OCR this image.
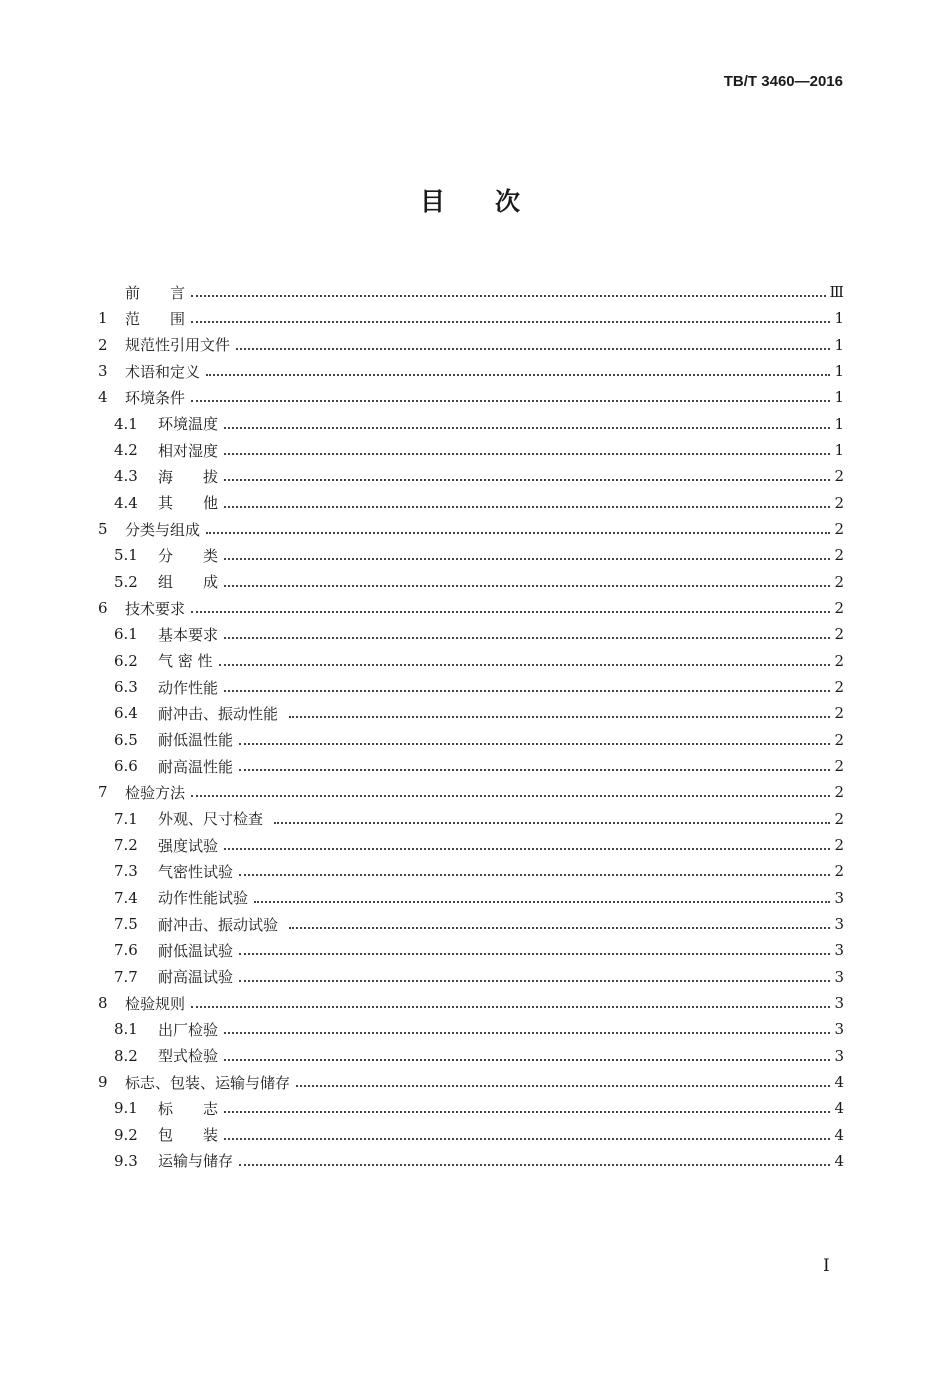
TB/T 3460—2016
目　　次
前　　言	Ⅲ
1	范　　围	1
2	规范性引用文件	1
3	术语和定义	1
4	环境条件	1
4.1	环境温度	1
4.2	相对湿度	1
4.3	海　　拔	2
4.4	其　　他	2
5	分类与组成	2
5.1	分　　类	2
5.2	组　　成	2
6	技术要求	2
6.1	基本要求	2
6.2	气 密 性	2
6.3	动作性能	2
6.4	耐冲击、振动性能	2
6.5	耐低温性能	2
6.6	耐高温性能	2
7	检验方法	2
7.1	外观、尺寸检查	2
7.2	强度试验	2
7.3	气密性试验	2
7.4	动作性能试验	3
7.5	耐冲击、振动试验	3
7.6	耐低温试验	3
7.7	耐高温试验	3
8	检验规则	3
8.1	出厂检验	3
8.2	型式检验	3
9	标志、包装、运输与储存	4
9.1	标　　志	4
9.2	包　　装	4
9.3	运输与储存	4
I
